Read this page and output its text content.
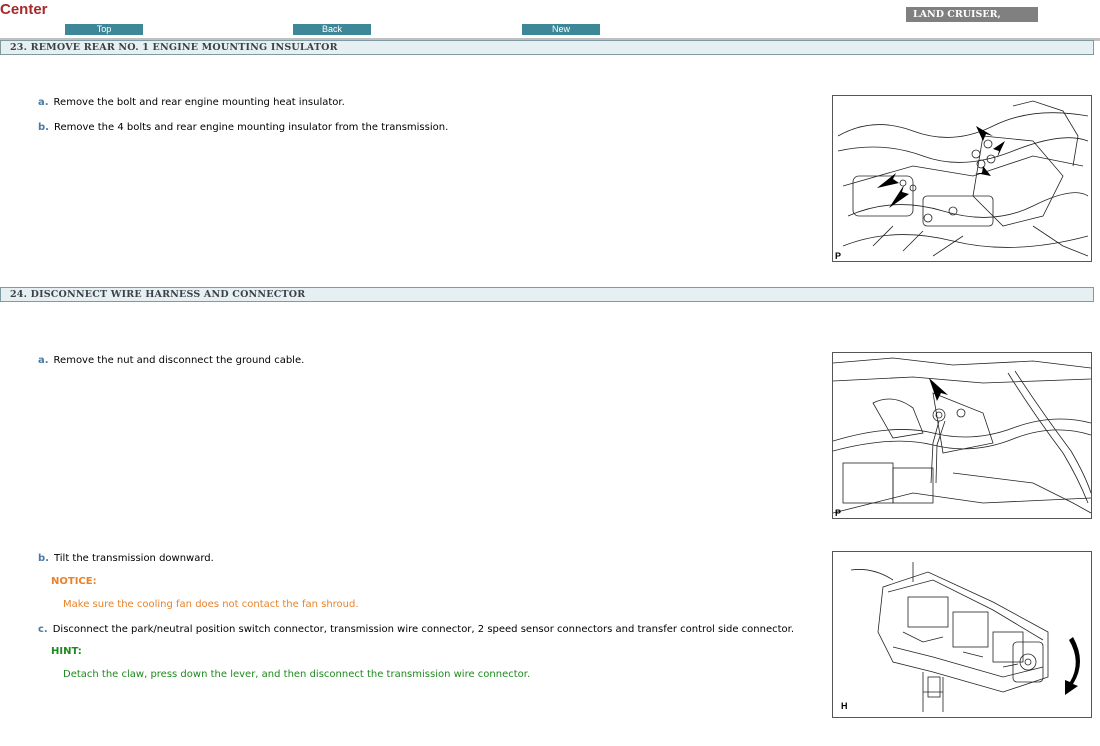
Center
Top	Back	New
LAND CRUISER,
23. REMOVE REAR NO. 1 ENGINE MOUNTING INSULATOR
a. Remove the bolt and rear engine mounting heat insulator.
b. Remove the 4 bolts and rear engine mounting insulator from the transmission.
P
24. DISCONNECT WIRE HARNESS AND CONNECTOR
a. Remove the nut and disconnect the ground cable.
P
b. Tilt the transmission downward.
NOTICE:
Make sure the cooling fan does not contact the fan shroud.
c. Disconnect the park/neutral position switch connector, transmission wire connector, 2 speed sensor connectors and transfer control side connector.
HINT:
Detach the claw, press down the lever, and then disconnect the transmission wire connector.
H
